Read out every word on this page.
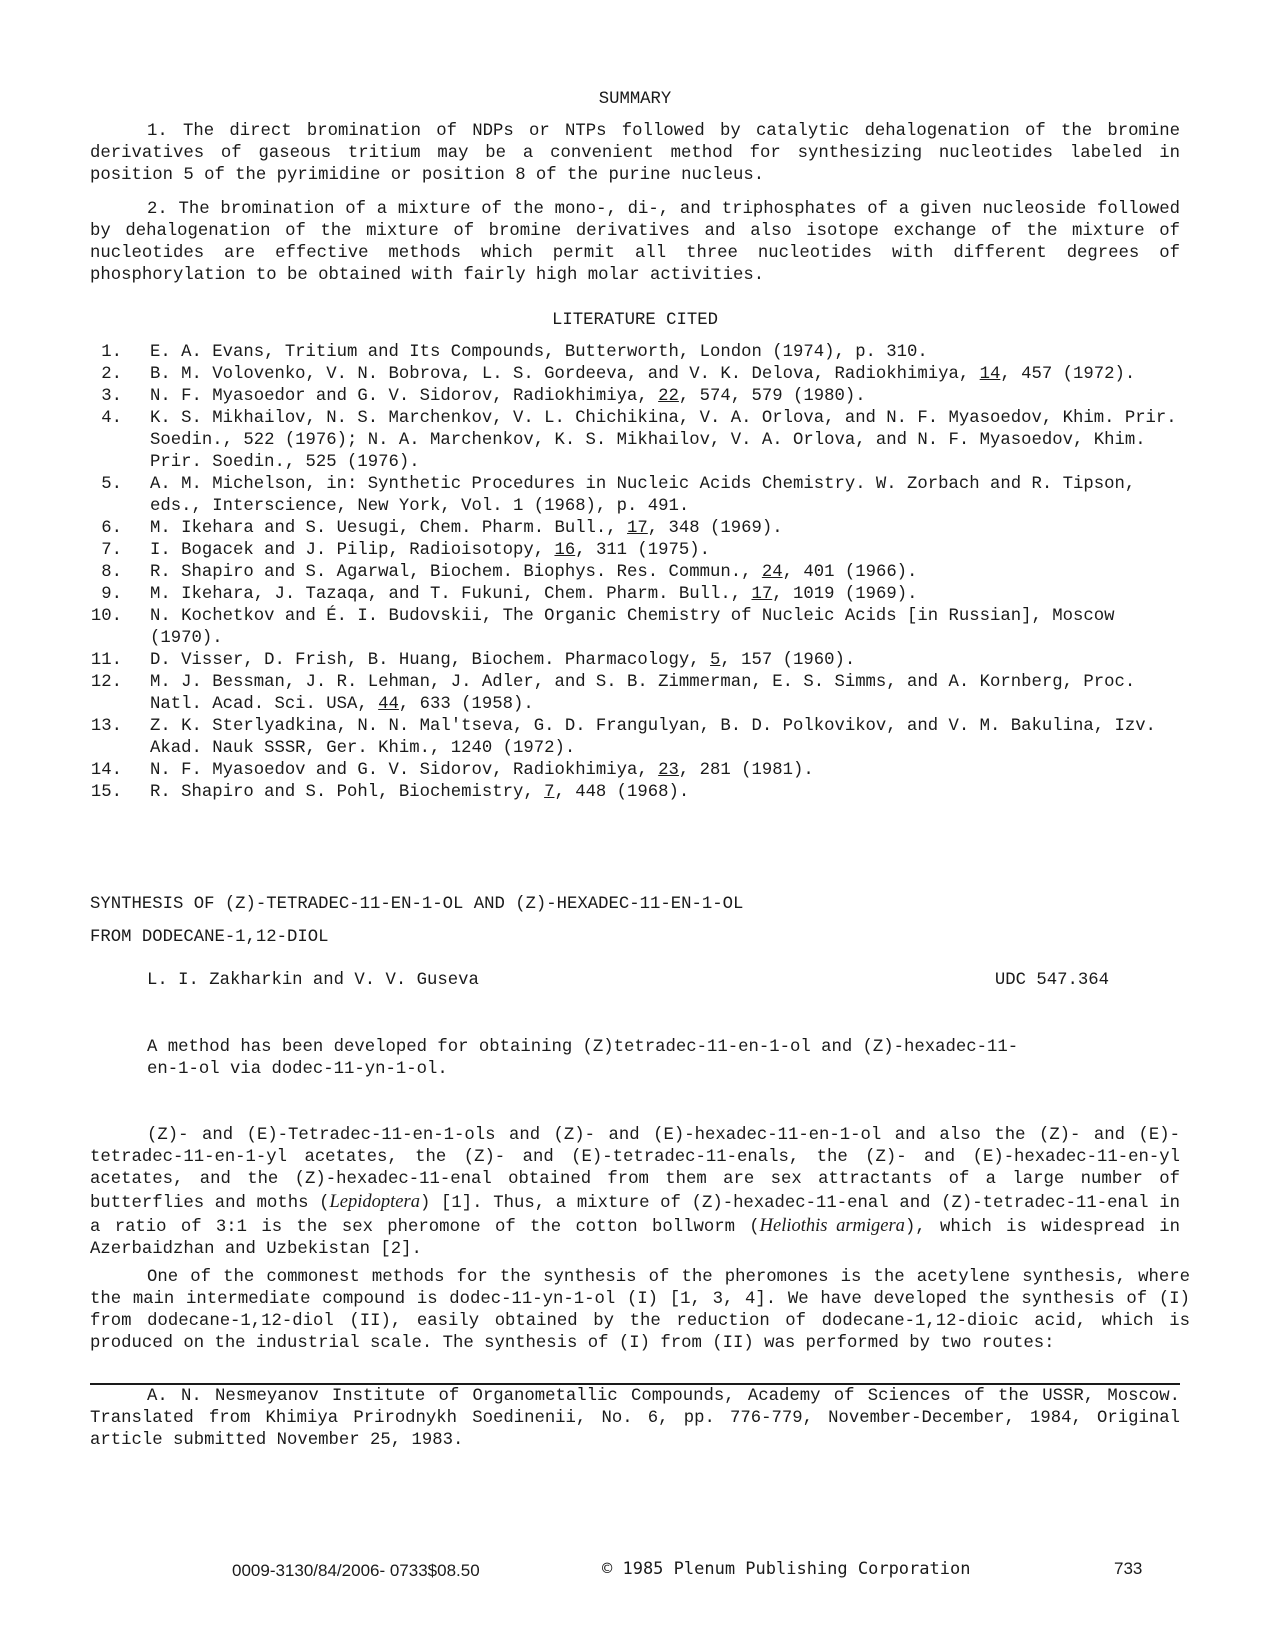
SUMMARY

1. The direct bromination of NDPs or NTPs followed by catalytic dehalogenation of the bromine derivatives of gaseous tritium may be a convenient method for synthesizing nucleotides labeled in position 5 of the pyrimidine or position 8 of the purine nucleus.

2. The bromination of a mixture of the mono-, di-, and triphosphates of a given nucleoside followed by dehalogenation of the mixture of bromine derivatives and also isotope exchange of the mixture of nucleotides are effective methods which permit all three nucleotides with different degrees of phosphorylation to be obtained with fairly high molar activities.

LITERATURE CITED
1. E. A. Evans, Tritium and Its Compounds, Butterworth, London (1974), p. 310.
2. B. M. Volovenko, V. N. Bobrova, L. S. Gordeeva, and V. K. Delova, Radiokhimiya, 14, 457 (1972).
3. N. F. Myasoedor and G. V. Sidorov, Radiokhimiya, 22, 574, 579 (1980).
4. K. S. Mikhailov, N. S. Marchenkov, V. L. Chichikina, V. A. Orlova, and N. F. Myasoedov, Khim. Prir. Soedin., 522 (1976); N. A. Marchenkov, K. S. Mikhailov, V. A. Orlova, and N. F. Myasoedov, Khim. Prir. Soedin., 525 (1976).
5. A. M. Michelson, in: Synthetic Procedures in Nucleic Acids Chemistry. W. Zorbach and R. Tipson, eds., Interscience, New York, Vol. 1 (1968), p. 491.
6. M. Ikehara and S. Uesugi, Chem. Pharm. Bull., 17, 348 (1969).
7. I. Bogacek and J. Pilip, Radioisotopy, 16, 311 (1975).
8. R. Shapiro and S. Agarwal, Biochem. Biophys. Res. Commun., 24, 401 (1966).
9. M. Ikehara, J. Tazaqa, and T. Fukuni, Chem. Pharm. Bull., 17, 1019 (1969).
10. N. Kochetkov and É. I. Budovskii, The Organic Chemistry of Nucleic Acids [in Russian], Moscow (1970).
11. D. Visser, D. Frish, B. Huang, Biochem. Pharmacology, 5, 157 (1960).
12. M. J. Bessman, J. R. Lehman, J. Adler, and S. B. Zimmerman, E. S. Simms, and A. Kornberg, Proc. Natl. Acad. Sci. USA, 44, 633 (1958).
13. Z. K. Sterlyadkina, N. N. Mal'tseva, G. D. Frangulyan, B. D. Polkovikov, and V. M. Bakulina, Izv. Akad. Nauk SSSR, Ger. Khim., 1240 (1972).
14. N. F. Myasoedov and G. V. Sidorov, Radiokhimiya, 23, 281 (1981).
15. R. Shapiro and S. Pohl, Biochemistry, 7, 448 (1968).
SYNTHESIS OF (Z)-TETRADEC-11-EN-1-OL AND (Z)-HEXADEC-11-EN-1-OL
FROM DODECANE-1,12-DIOL
L. I. Zakharkin and V. V. Guseva	UDC 547.364
A method has been developed for obtaining (Z)tetradec-11-en-1-ol and (Z)-hexadec-11-en-1-ol via dodec-11-yn-1-ol.

(Z)- and (E)-Tetradec-11-en-1-ols and (Z)- and (E)-hexadec-11-en-1-ol and also the (Z)- and (E)-tetradec-11-en-1-yl acetates, the (Z)- and (E)-tetradec-11-enals, the (Z)- and (E)-hexadec-11-en-yl acetates, and the (Z)-hexadec-11-enal obtained from them are sex attractants of a large number of butterflies and moths (Lepidoptera) [1]. Thus, a mixture of (Z)-hexadec-11-enal and (Z)-tetradec-11-enal in a ratio of 3:1 is the sex pheromone of the cotton bollworm (Heliothis armigera), which is widespread in Azerbaidzhan and Uzbekistan [2].

One of the commonest methods for the synthesis of the pheromones is the acetylene synthesis, where the main intermediate compound is dodec-11-yn-1-ol (I) [1, 3, 4]. We have developed the synthesis of (I) from dodecane-1,12-diol (II), easily obtained by the reduction of dodecane-1,12-dioic acid, which is produced on the industrial scale. The synthesis of (I) from (II) was performed by two routes:

A. N. Nesmeyanov Institute of Organometallic Compounds, Academy of Sciences of the USSR, Moscow. Translated from Khimiya Prirodnykh Soedinenii, No. 6, pp. 776-779, November-December, 1984, Original article submitted November 25, 1983.

0009-3130/84/2006- 0733$08.50	© 1985 Plenum Publishing Corporation	733
